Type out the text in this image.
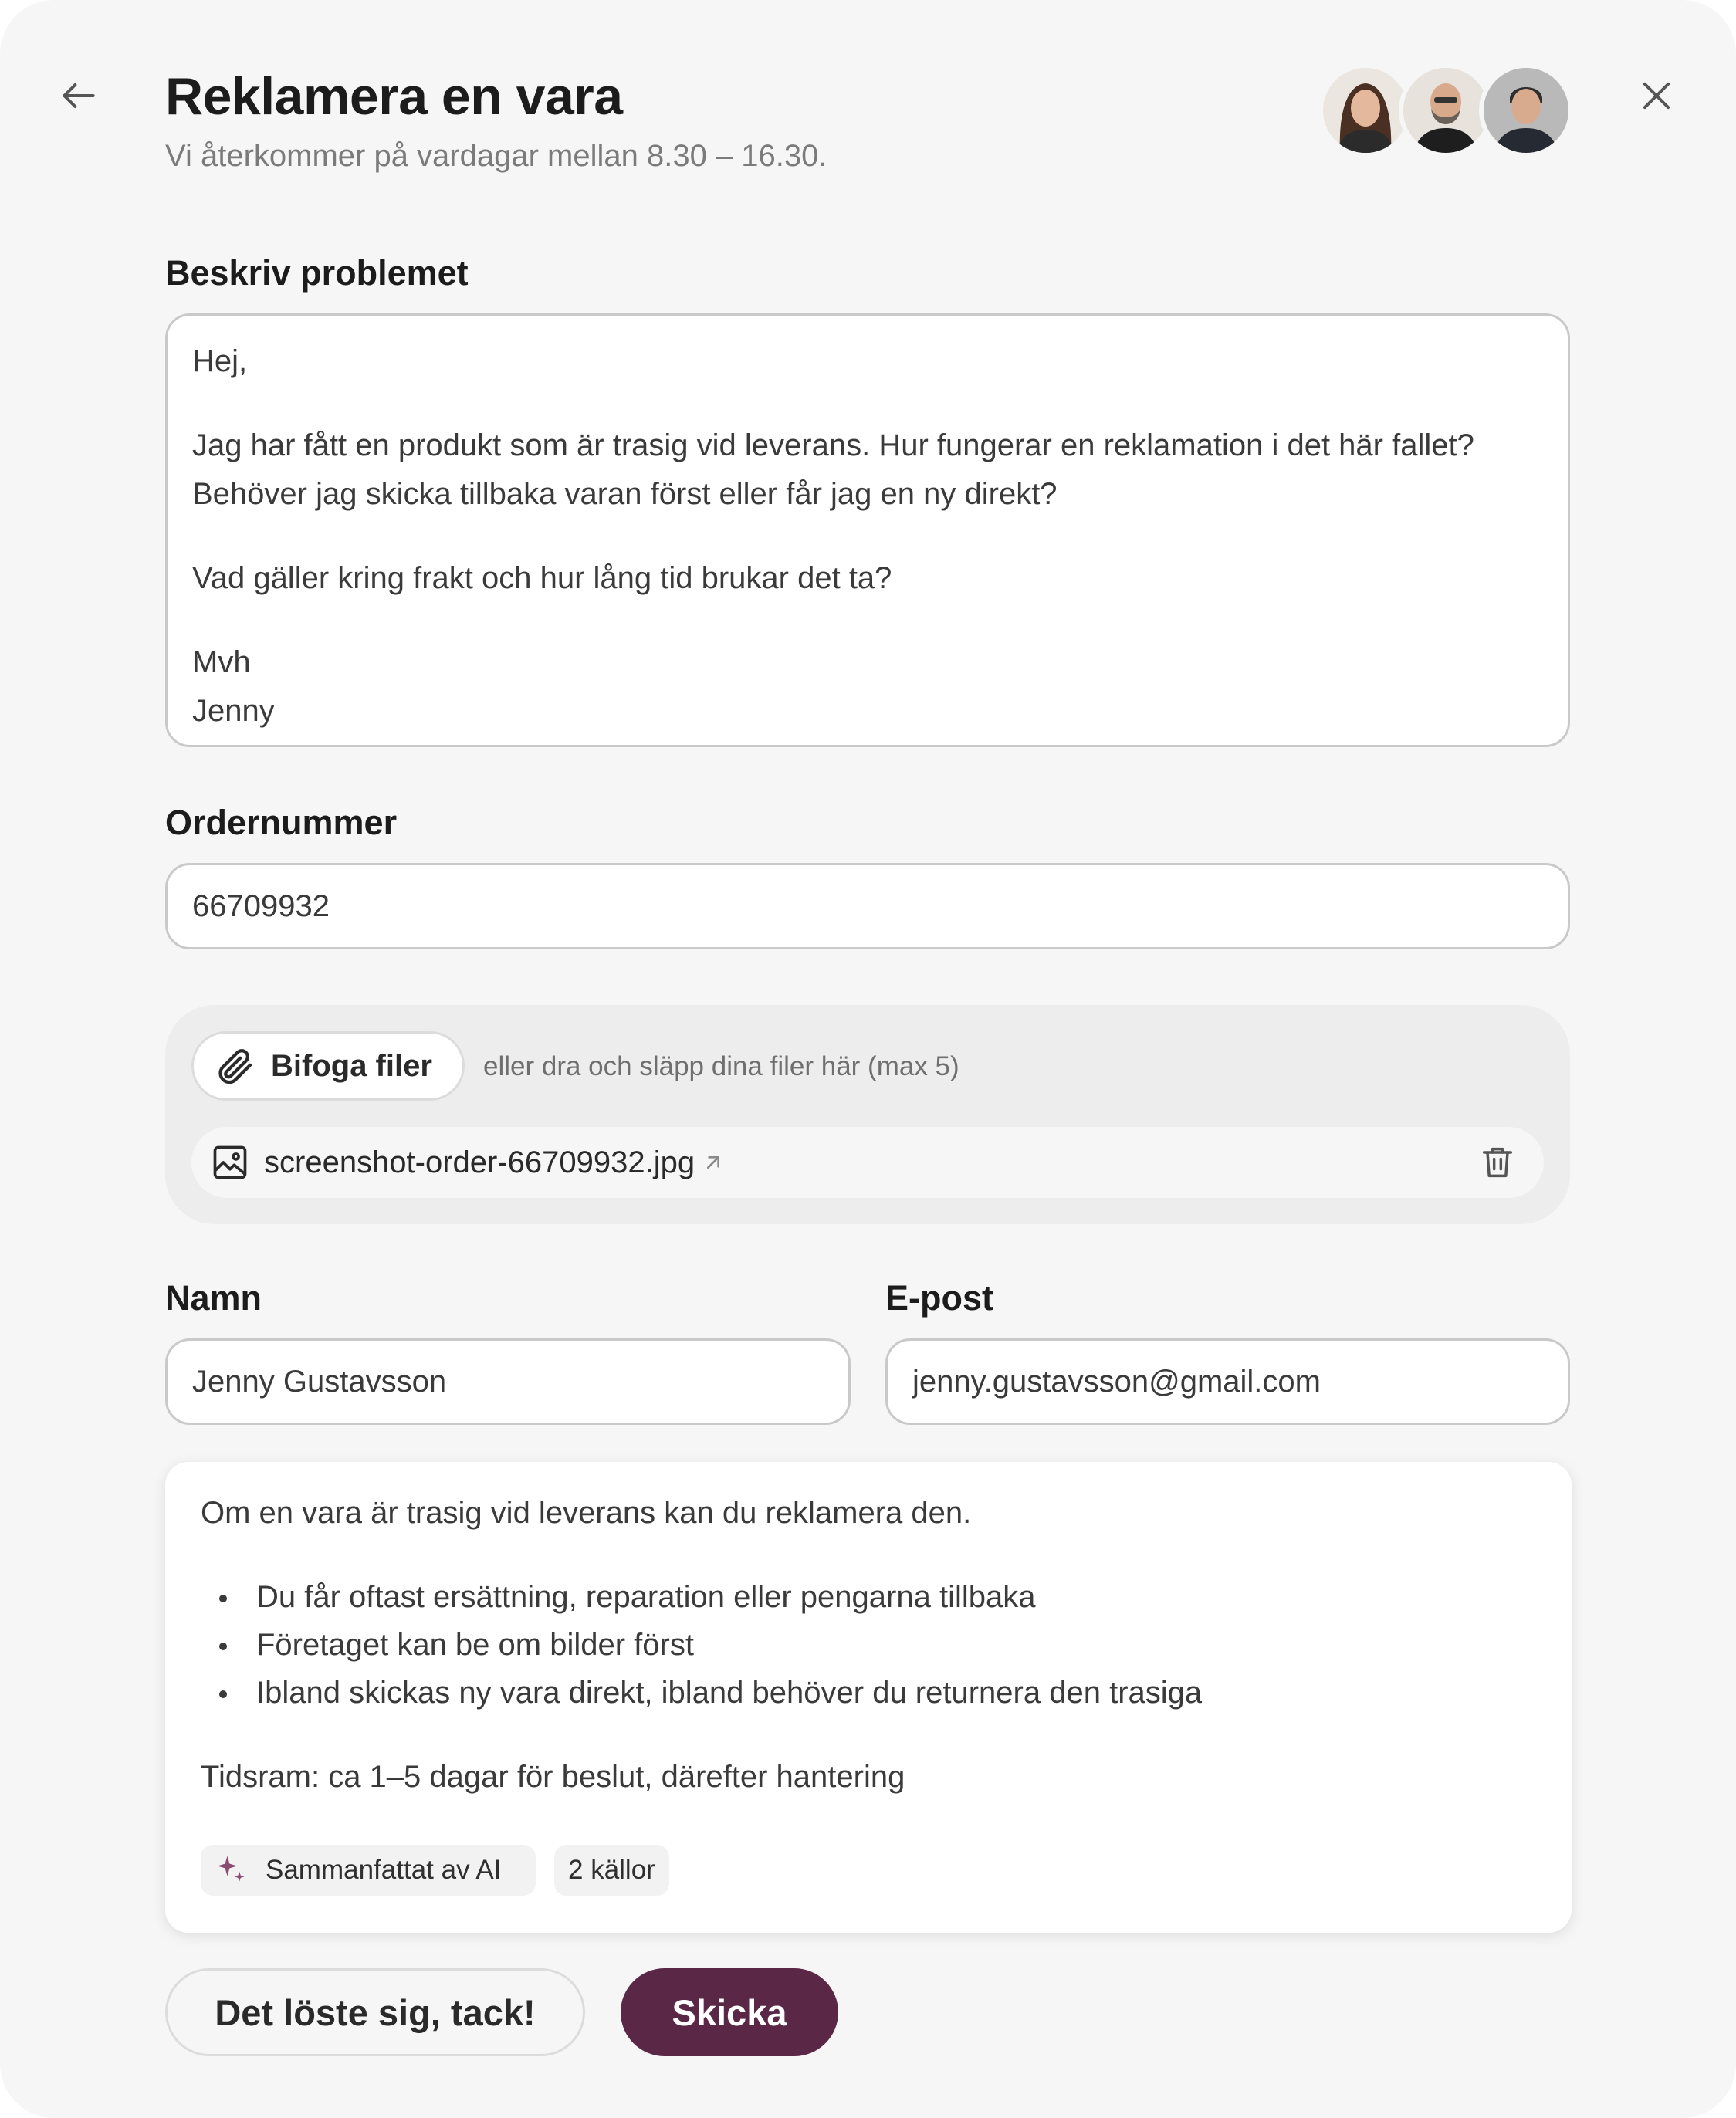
Reklamera en vara
Vi återkommer på vardagar mellan 8.30 – 16.30.
Beskriv problemet

Hej,

Jag har fått en produkt som är trasig vid leverans. Hur fungerar en reklamation i det här fallet? Behöver jag skicka tillbaka varan först eller får jag en ny direkt?

Vad gäller kring frakt och hur lång tid brukar det ta?

Mvh
Jenny

Ordernummer
66709932
Bifoga filer eller dra och släpp dina filer här (max 5)
screenshot-order-66709932.jpg
Namn
Jenny Gustavsson
E-post
jenny.gustavsson@gmail.com
Om en vara är trasig vid leverans kan du reklamera den.
Du får oftast ersättning, reparation eller pengarna tillbaka
Företaget kan be om bilder först
Ibland skickas ny vara direkt, ibland behöver du returnera den trasiga
Tidsram: ca 1–5 dagar för beslut, därefter hantering
Sammanfattat av AI 2 källor
Det löste sig, tack!	Skicka
